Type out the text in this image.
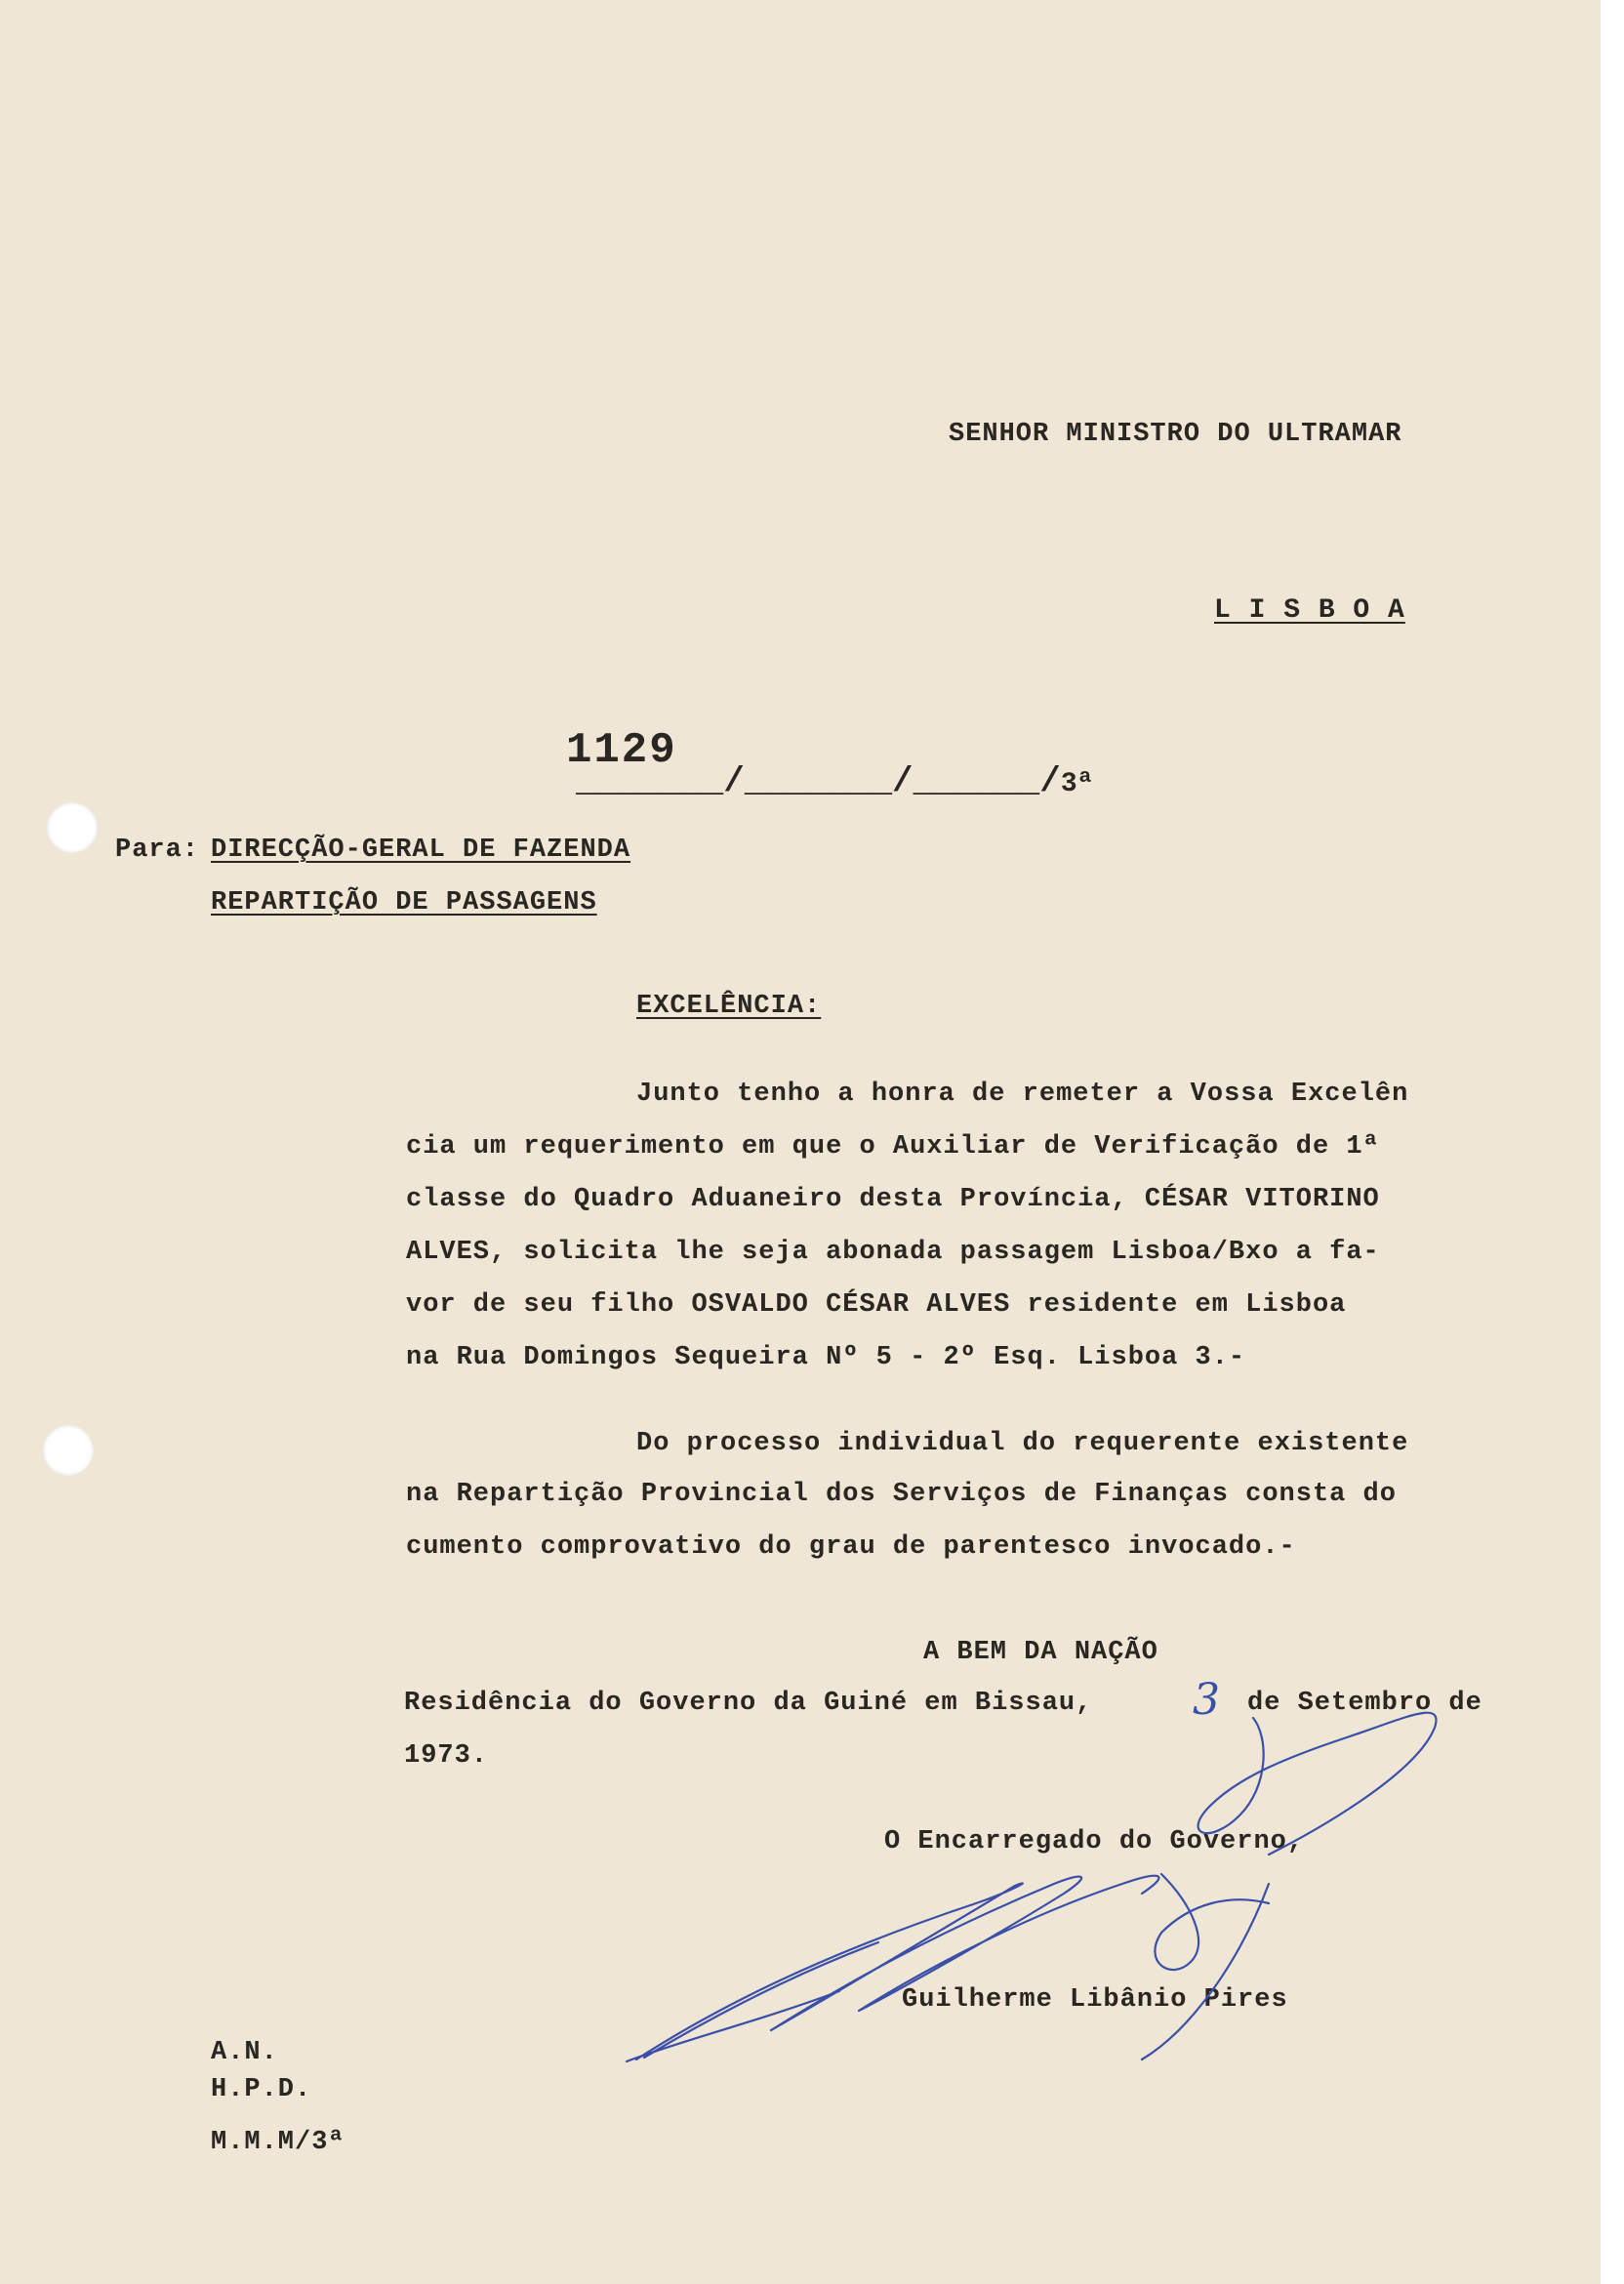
SENHOR MINISTRO DO ULTRAMAR
L I S B O A
1129
_______/_______/______/3ª
Para: DIRECÇÃO-GERAL DE FAZENDA
REPARTIÇÃO DE PASSAGENS
EXCELÊNCIA:
Junto tenho a honra de remeter a Vossa Excelên
cia um requerimento em que o Auxiliar de Verificação de 1ª
classe do Quadro Aduaneiro desta Província, CÉSAR VITORINO
ALVES, solicita lhe seja abonada passagem Lisboa/Bxo a fa-
vor de seu filho OSVALDO CÉSAR ALVES residente em Lisboa
na Rua Domingos Sequeira Nº 5 - 2º Esq. Lisboa 3.-
Do processo individual do requerente existente
na Repartição Provincial dos Serviços de Finanças consta do
cumento comprovativo do grau de parentesco invocado.-
A BEM DA NAÇÃO
Residência do Governo da Guiné em Bissau, 3 de Setembro de
1973.
O Encarregado do Governo,
Guilherme Libânio Pires
A.N.
H.P.D.
M.M.M/3ª
